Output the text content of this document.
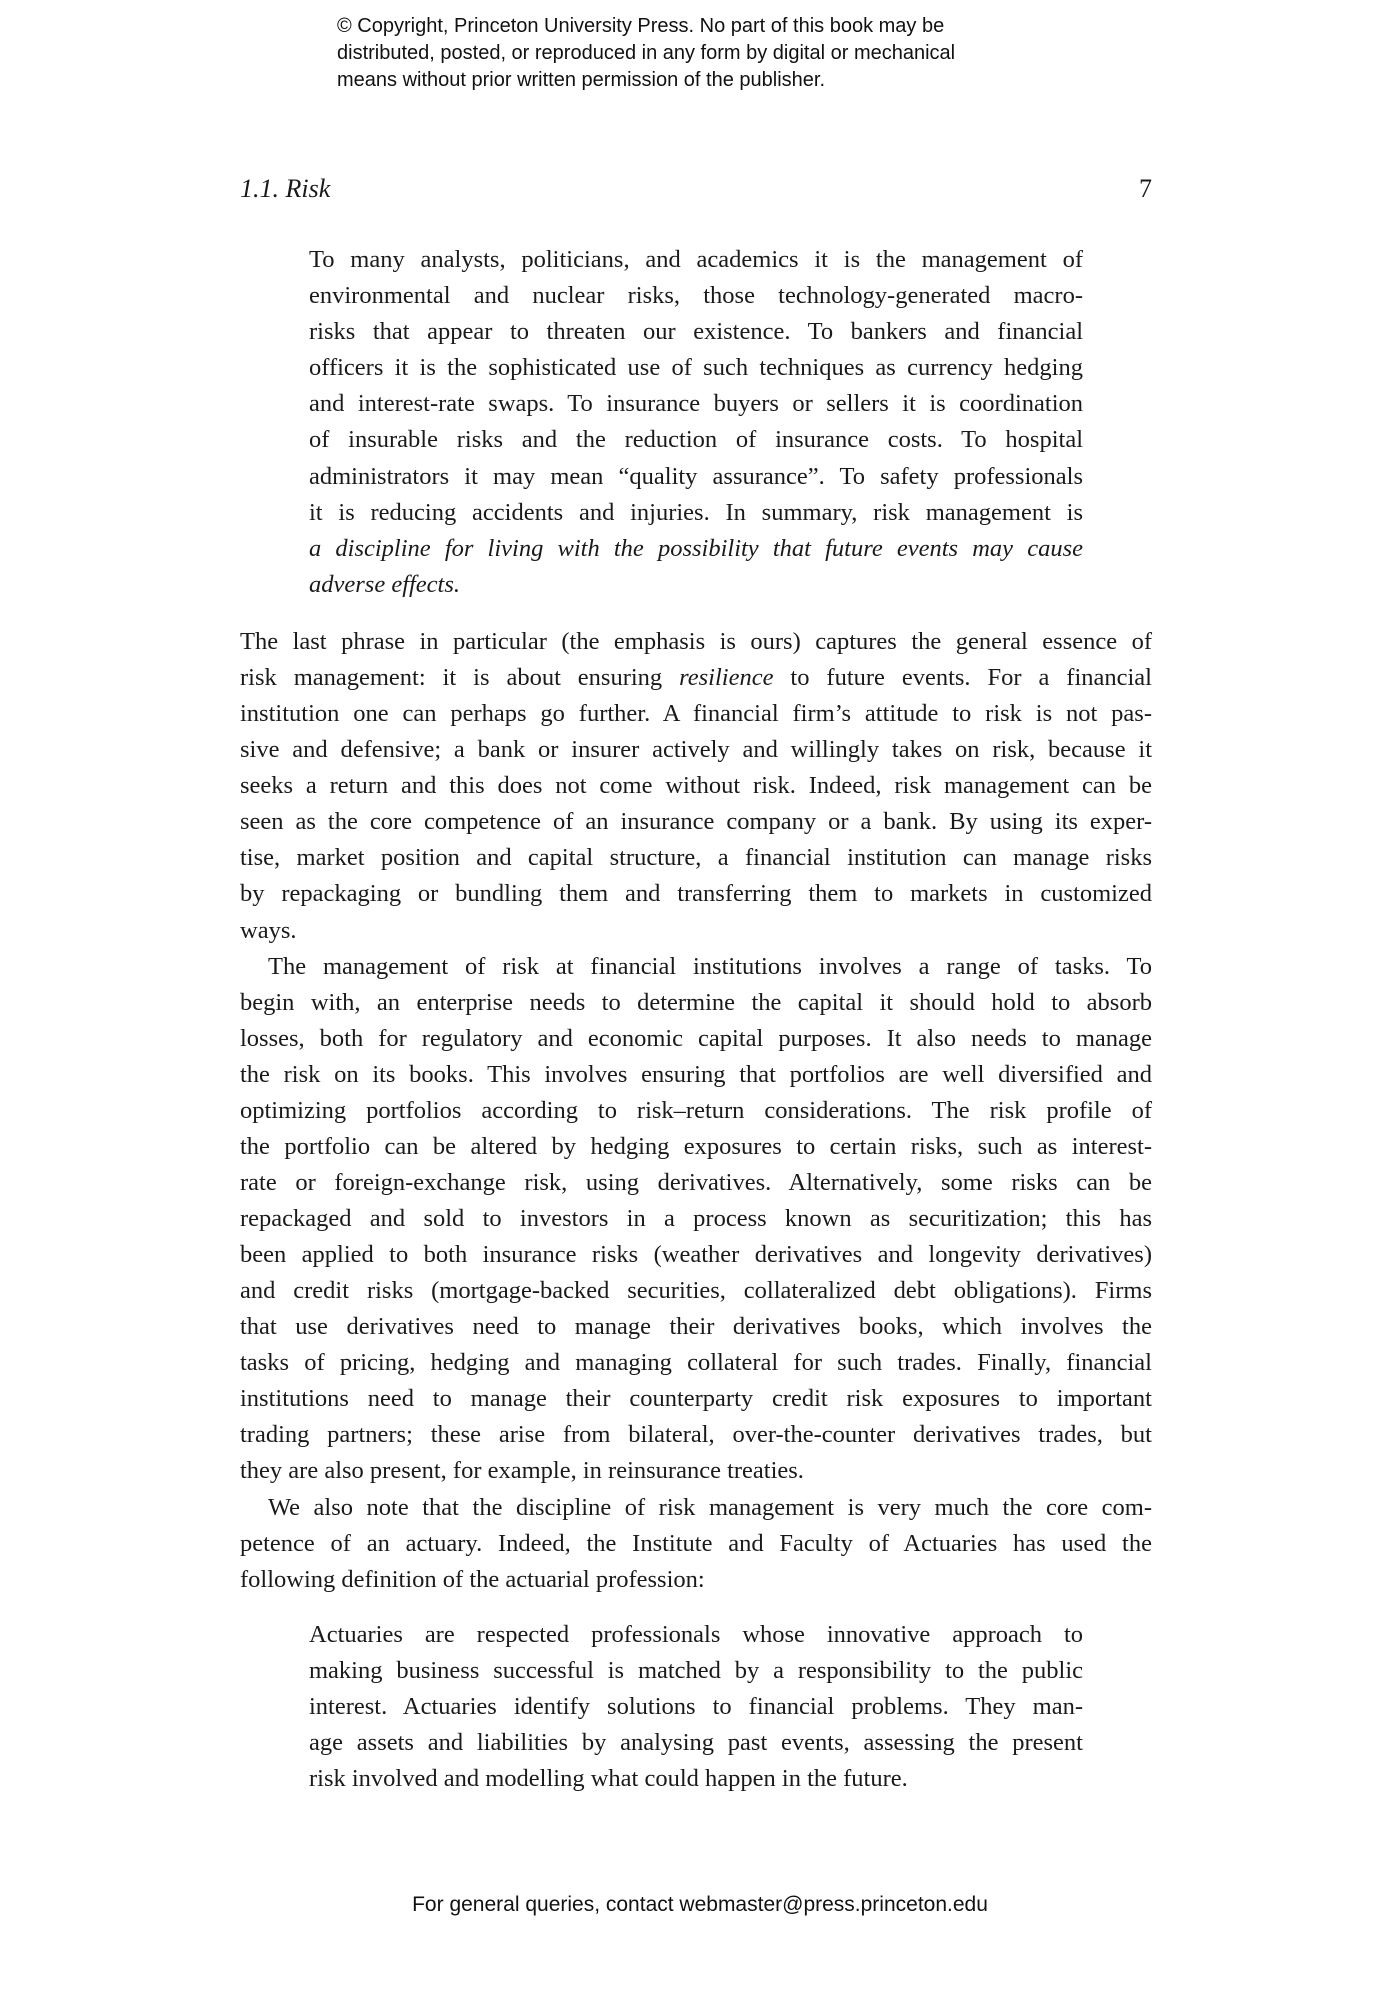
© Copyright, Princeton University Press. No part of this book may be
distributed, posted, or reproduced in any form by digital or mechanical
means without prior written permission of the publisher.
1.1. Risk	7
To many analysts, politicians, and academics it is the management of
environmental and nuclear risks, those technology-generated macro-
risks that appear to threaten our existence. To bankers and financial
officers it is the sophisticated use of such techniques as currency hedging
and interest-rate swaps. To insurance buyers or sellers it is coordination
of insurable risks and the reduction of insurance costs. To hospital
administrators it may mean “quality assurance”. To safety professionals
it is reducing accidents and injuries. In summary, risk management is
a discipline for living with the possibility that future events may cause
adverse effects.
The last phrase in particular (the emphasis is ours) captures the general essence of
risk management: it is about ensuring resilience to future events. For a financial
institution one can perhaps go further. A financial firm’s attitude to risk is not pas-
sive and defensive; a bank or insurer actively and willingly takes on risk, because it
seeks a return and this does not come without risk. Indeed, risk management can be
seen as the core competence of an insurance company or a bank. By using its exper-
tise, market position and capital structure, a financial institution can manage risks
by repackaging or bundling them and transferring them to markets in customized
ways.
The management of risk at financial institutions involves a range of tasks. To
begin with, an enterprise needs to determine the capital it should hold to absorb
losses, both for regulatory and economic capital purposes. It also needs to manage
the risk on its books. This involves ensuring that portfolios are well diversified and
optimizing portfolios according to risk–return considerations. The risk profile of
the portfolio can be altered by hedging exposures to certain risks, such as interest-
rate or foreign-exchange risk, using derivatives. Alternatively, some risks can be
repackaged and sold to investors in a process known as securitization; this has
been applied to both insurance risks (weather derivatives and longevity derivatives)
and credit risks (mortgage-backed securities, collateralized debt obligations). Firms
that use derivatives need to manage their derivatives books, which involves the
tasks of pricing, hedging and managing collateral for such trades. Finally, financial
institutions need to manage their counterparty credit risk exposures to important
trading partners; these arise from bilateral, over-the-counter derivatives trades, but
they are also present, for example, in reinsurance treaties.
We also note that the discipline of risk management is very much the core com-
petence of an actuary. Indeed, the Institute and Faculty of Actuaries has used the
following definition of the actuarial profession:
Actuaries are respected professionals whose innovative approach to
making business successful is matched by a responsibility to the public
interest. Actuaries identify solutions to financial problems. They man-
age assets and liabilities by analysing past events, assessing the present
risk involved and modelling what could happen in the future.
For general queries, contact webmaster@press.princeton.edu
